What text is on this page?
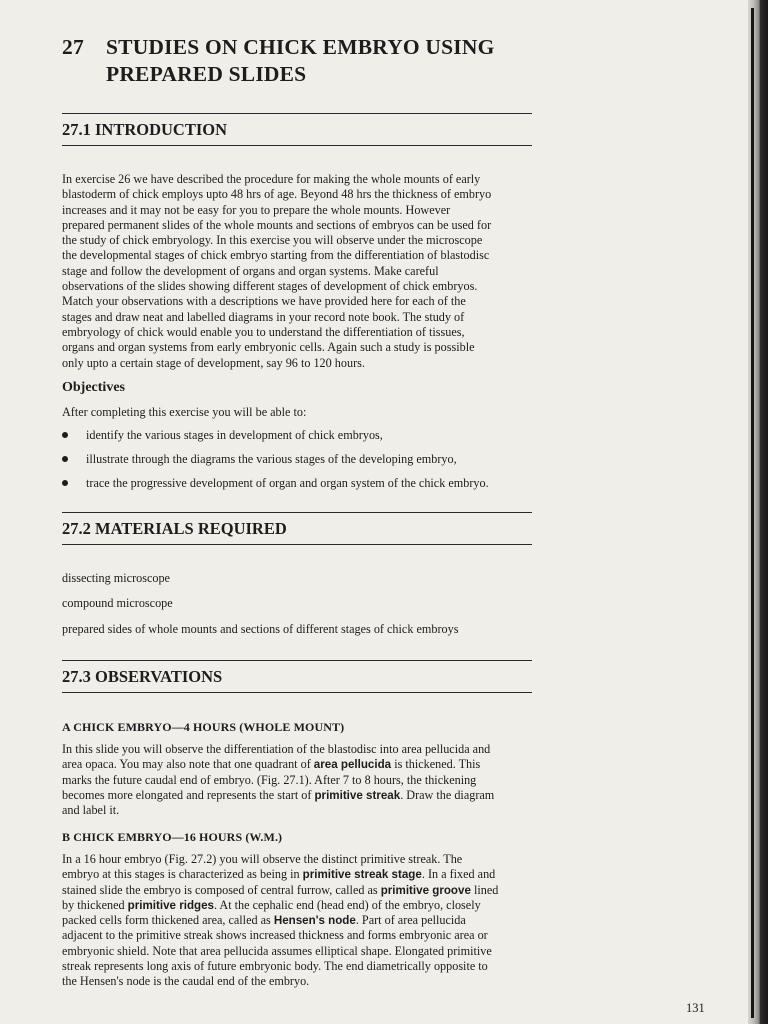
27	STUDIES ON CHICK EMBRYO USING
PREPARED SLIDES
27.1 INTRODUCTION

In exercise 26 we have described the procedure for making the whole mounts of early

blastoderm of chick employs upto 48 hrs of age. Beyond 48 hrs the thickness of embryo

increases and it may not be easy for you to prepare the whole mounts. However

prepared permanent slides of the whole mounts and sections of embryos can be used for

the study of chick embryology. In this exercise you will observe under the microscope

the developmental stages of chick embryo starting from the differentiation of blastodisc

stage and follow the development of organs and organ systems. Make careful

observations of the slides showing different stages of development of chick embryos.

Match your observations with a descriptions we have provided here for each of the

stages and draw neat and labelled diagrams in your record note book. The study of

embryology of chick would enable you to understand the differentiation of tissues,

organs and organ systems from early embryonic cells. Again such a study is possible

only upto a certain stage of development, say 96 to 120 hours.

Objectives

After completing this exercise you will be able to:

identify the various stages in development of chick embryos,
illustrate through the diagrams the various stages of the developing embryo,
trace the progressive development of organ and organ system of the chick embryo.
27.2 MATERIALS REQUIRED

dissecting microscope

compound microscope

prepared sides of whole mounts and sections of different stages of chick embroys

27.3 OBSERVATIONS
A CHICK EMBRYO—4 HOURS (WHOLE MOUNT)

In this slide you will observe the differentiation of the blastodisc into area pellucida and

area opaca. You may also note that one quadrant of area pellucida is thickened. This

marks the future caudal end of embryo. (Fig. 27.1). After 7 to 8 hours, the thickening

becomes more elongated and represents the start of primitive streak. Draw the diagram

and label it.

B CHICK EMBRYO—16 HOURS (W.M.)

In a 16 hour embryo (Fig. 27.2) you will observe the distinct primitive streak. The

embryo at this stages is characterized as being in primitive streak stage. In a fixed and

stained slide the embryo is composed of central furrow, called as primitive groove lined

by thickened primitive ridges. At the cephalic end (head end) of the embryo, closely

packed cells form thickened area, called as Hensen's node. Part of area pellucida

adjacent to the primitive streak shows increased thickness and forms embryonic area or

embryonic shield. Note that area pellucida assumes elliptical shape. Elongated primitive

streak represents long axis of future embryonic body. The end diametrically opposite to

the Hensen's node is the caudal end of the embryo.

131
